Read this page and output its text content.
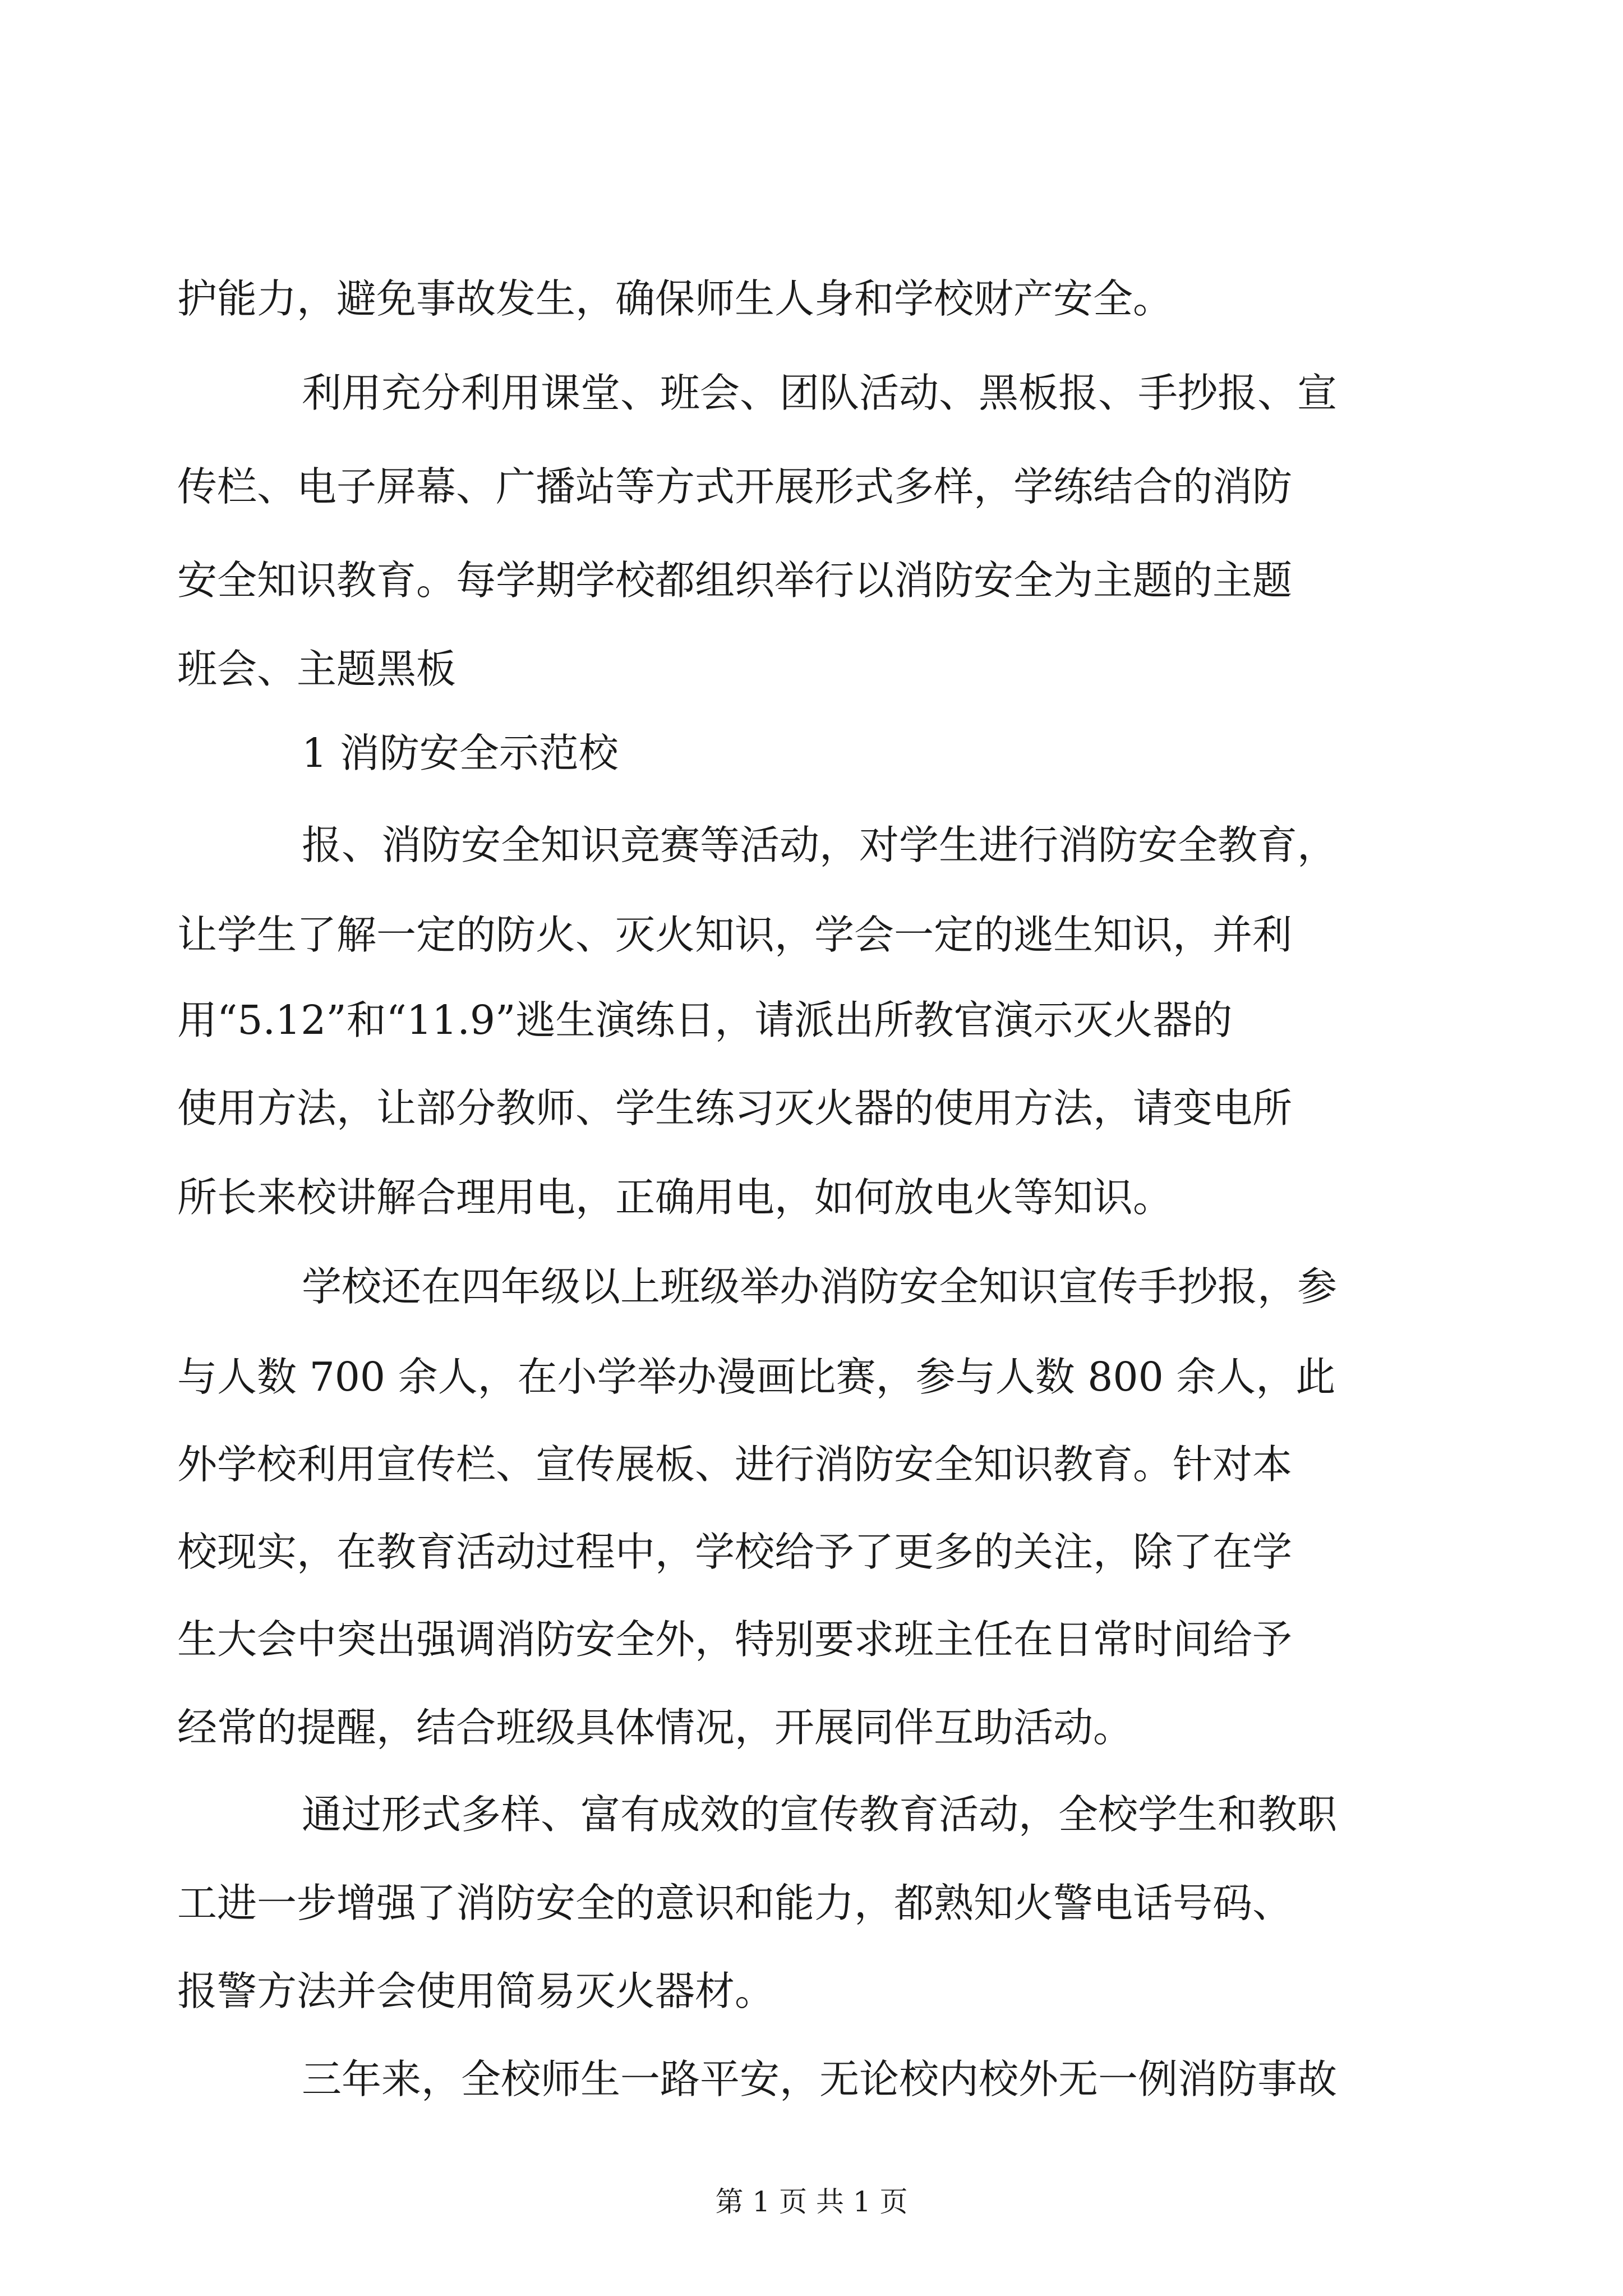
护能力，避免事故发生，确保师生人身和学校财产安全。
利用充分利用课堂、班会、团队活动、黑板报、手抄报、宣
传栏、电子屏幕、广播站等方式开展形式多样，学练结合的消防
安全知识教育。每学期学校都组织举行以消防安全为主题的主题
班会、主题黑板
1 消防安全示范校
报、消防安全知识竞赛等活动，对学生进行消防安全教育，
让学生了解一定的防火、灭火知识，学会一定的逃生知识，并利
用“5.12”和“11.9”逃生演练日，请派出所教官演示灭火器的
使用方法，让部分教师、学生练习灭火器的使用方法，请变电所
所长来校讲解合理用电，正确用电，如何放电火等知识。
学校还在四年级以上班级举办消防安全知识宣传手抄报，参
与人数 700 余人，在小学举办漫画比赛，参与人数 800 余人，此
外学校利用宣传栏、宣传展板、进行消防安全知识教育。针对本
校现实，在教育活动过程中，学校给予了更多的关注，除了在学
生大会中突出强调消防安全外，特别要求班主任在日常时间给予
经常的提醒，结合班级具体情况，开展同伴互助活动。
通过形式多样、富有成效的宣传教育活动，全校学生和教职
工进一步增强了消防安全的意识和能力，都熟知火警电话号码、
报警方法并会使用简易灭火器材。
三年来，全校师生一路平安，无论校内校外无一例消防事故
第 1 页 共 1 页
